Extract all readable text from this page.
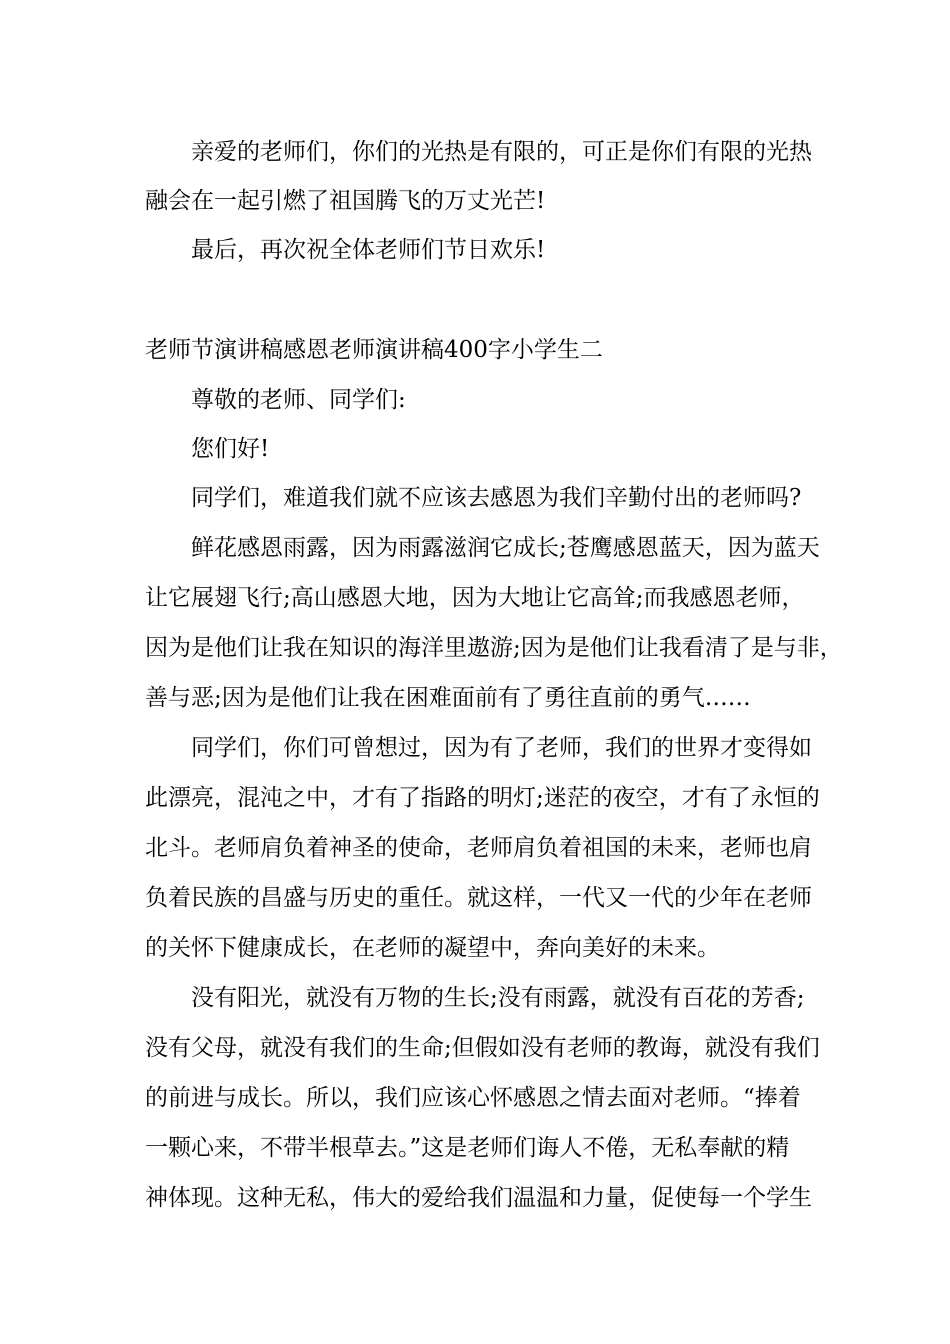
亲爱的老师们，你们的光热是有限的，可正是你们有限的光热

融会在一起引燃了祖国腾飞的万丈光芒!

最后，再次祝全体老师们节日欢乐!

老师节演讲稿感恩老师演讲稿400字小学生二

尊敬的老师、同学们:

您们好!

同学们，难道我们就不应该去感恩为我们辛勤付出的老师吗?

鲜花感恩雨露，因为雨露滋润它成长;苍鹰感恩蓝天，因为蓝天

让它展翅飞行;高山感恩大地，因为大地让它高耸;而我感恩老师，

因为是他们让我在知识的海洋里遨游;因为是他们让我看清了是与非，

善与恶;因为是他们让我在困难面前有了勇往直前的勇气……

同学们，你们可曾想过，因为有了老师，我们的世界才变得如

此漂亮，混沌之中，才有了指路的明灯;迷茫的夜空，才有了永恒的

北斗。老师肩负着神圣的使命，老师肩负着祖国的未来，老师也肩

负着民族的昌盛与历史的重任。就这样，一代又一代的少年在老师

的关怀下健康成长，在老师的凝望中，奔向美好的未来。

没有阳光，就没有万物的生长;没有雨露，就没有百花的芳香;

没有父母，就没有我们的生命;但假如没有老师的教诲，就没有我们

的前进与成长。所以，我们应该心怀感恩之情去面对老师。“捧着

一颗心来，不带半根草去。”这是老师们诲人不倦，无私奉献的精

神体现。这种无私，伟大的爱给我们温温和力量，促使每一个学生
